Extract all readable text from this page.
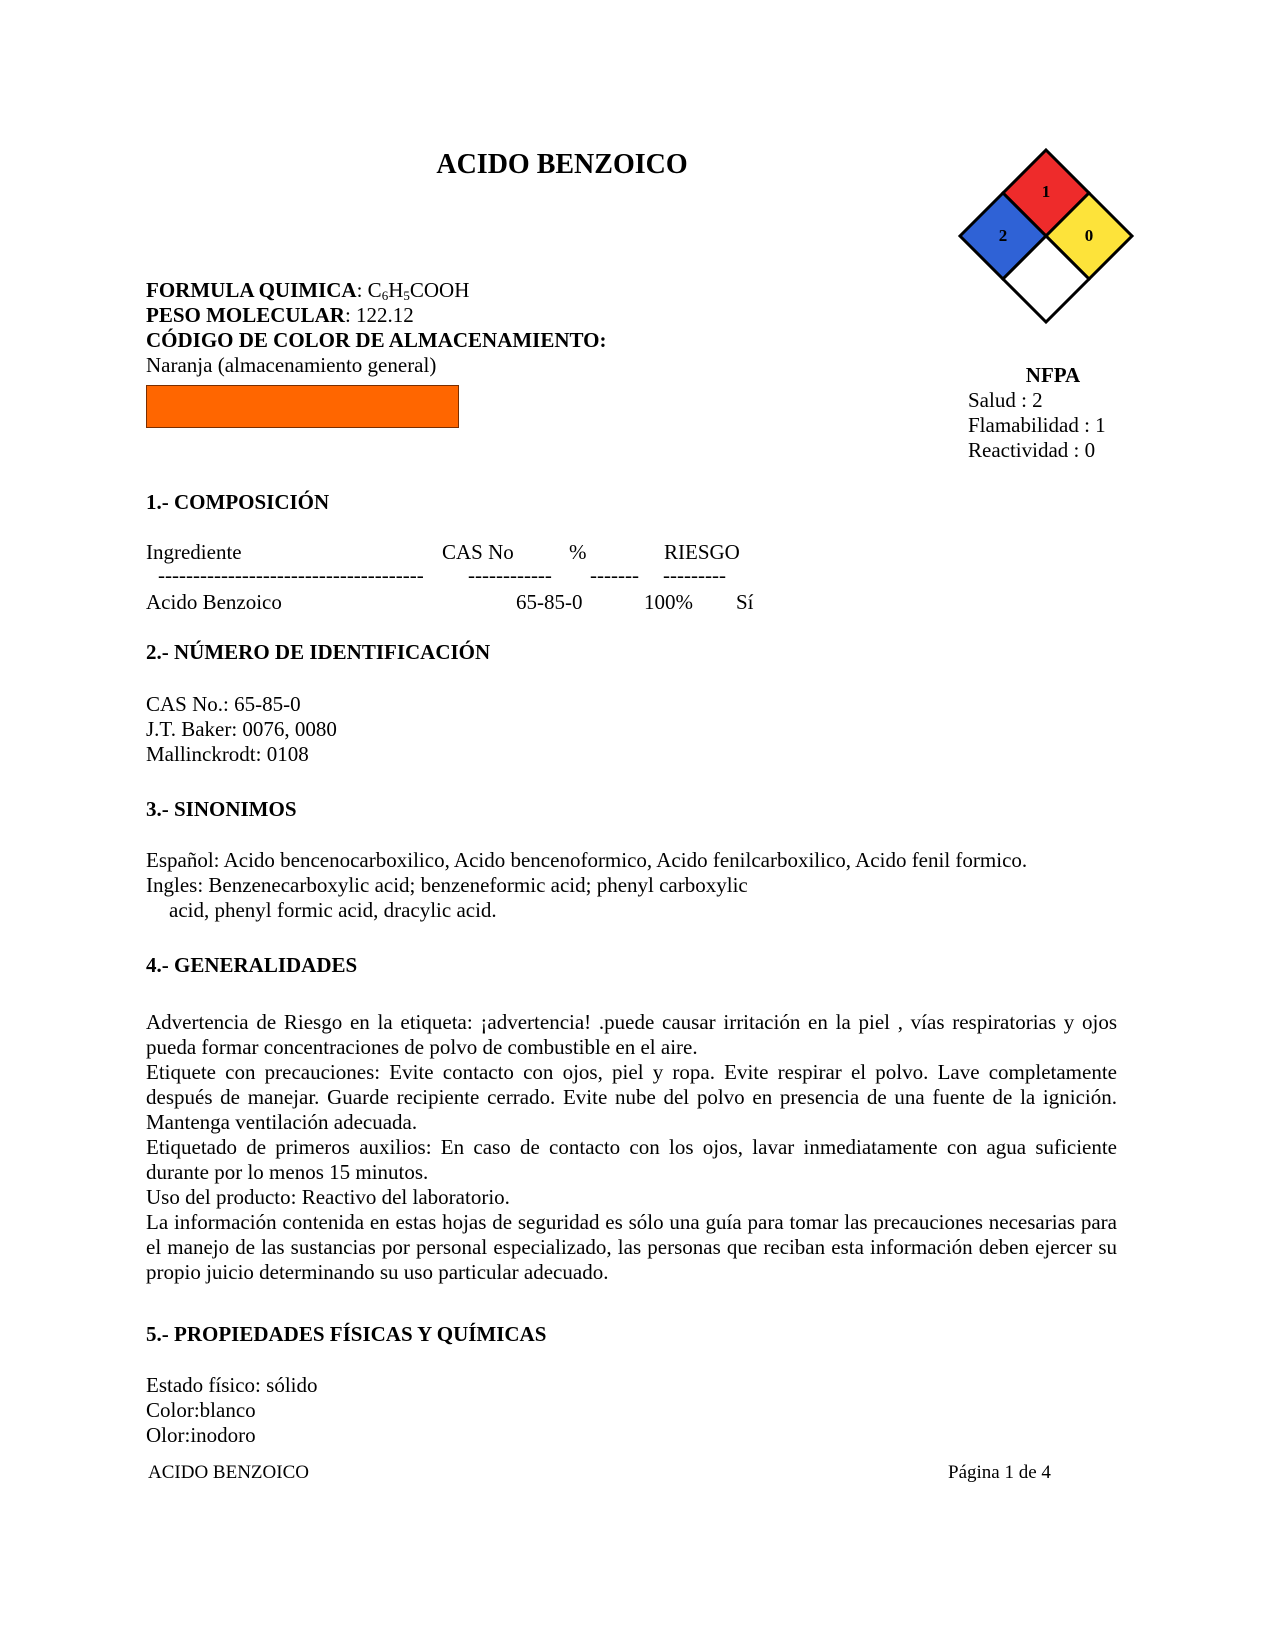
ACIDO BENZOICO
1
2	0
FORMULA QUIMICA: $C_6H_5COOH$
PESO MOLECULAR: 122.12
CÓDIGO DE COLOR DE ALMACENAMIENTO:
Naranja (almacenamiento general)	NFPA
Salud : 2
Flamabilidad : 1
Reactividad : 0
1.- COMPOSICIÓN
Ingrediente	CAS No	%	RIESGO
-------------------------------------- ------------ ------- ---------
Acido Benzoico	65-85-0	100% Sí
2.- NÚMERO DE IDENTIFICACIÓN
CAS No.: 65-85-0
J.T. Baker: 0076, 0080
Mallinckrodt: 0108
3.- SINONIMOS
Español: Acido bencenocarboxilico, Acido bencenoformico, Acido fenilcarboxilico, Acido fenil formico.
Ingles: Benzenecarboxylic acid; benzeneformic acid; phenyl carboxylic
acid, phenyl formic acid, dracylic acid.
4.- GENERALIDADES

Advertencia de Riesgo en la etiqueta: ¡advertencia! .puede causar irritación en la piel , vías respiratorias y ojos pueda formar concentraciones de polvo de combustible en el aire.

Etiquete con precauciones: Evite contacto con ojos, piel y ropa. Evite respirar el polvo. Lave completamente después de manejar. Guarde recipiente cerrado. Evite nube del polvo en presencia de una fuente de la ignición. Mantenga ventilación adecuada.

Etiquetado de primeros auxilios: En caso de contacto con los ojos, lavar inmediatamente con agua suficiente durante por lo menos 15 minutos.

Uso del producto: Reactivo del laboratorio.

La información contenida en estas hojas de seguridad es sólo una guía para tomar las precauciones necesarias para el manejo de las sustancias por personal especializado, las personas que reciban esta información deben ejercer su propio juicio determinando su uso particular adecuado.

5.- PROPIEDADES FÍSICAS Y QUÍMICAS
Estado físico: sólido
Color:blanco
Olor:inodoro
ACIDO BENZOICO	Página 1 de 4
